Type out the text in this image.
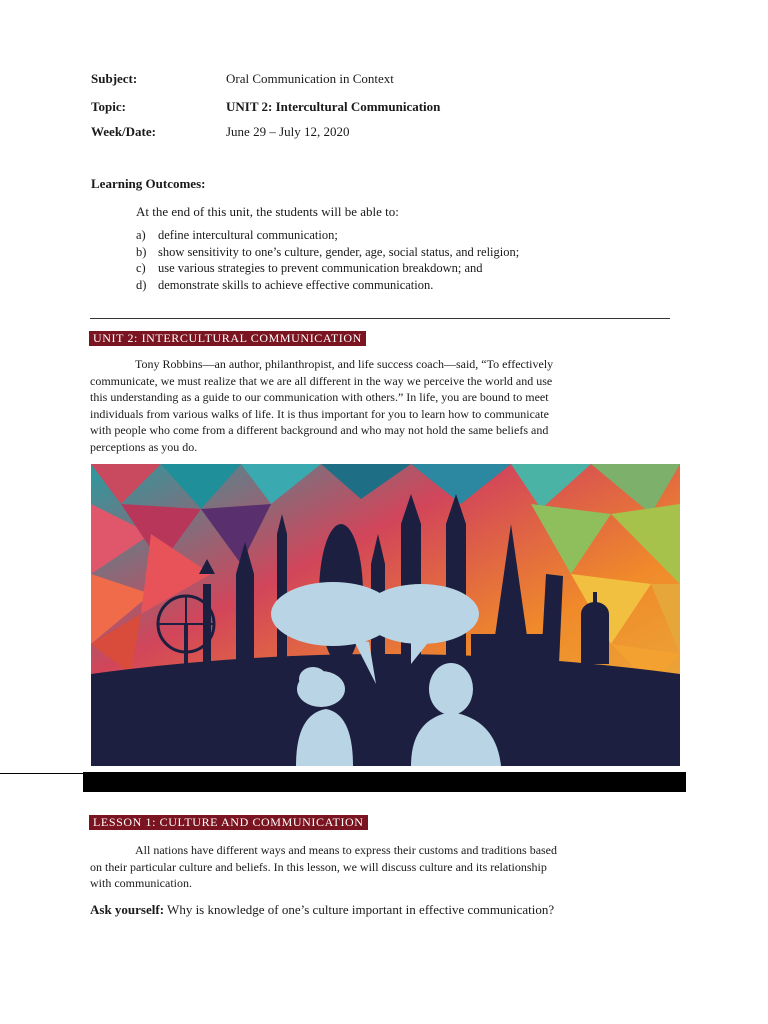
Subject:	Oral Communication in Context
Topic:	UNIT 2: Intercultural Communication
Week/Date:	June 29 – July 12, 2020
Learning Outcomes:
At the end of this unit, the students will be able to:
a) define intercultural communication;
b) show sensitivity to one’s culture, gender, age, social status, and religion;
c) use various strategies to prevent communication breakdown; and
d) demonstrate skills to achieve effective communication.
UNIT 2: INTERCULTURAL COMMUNICATION
Tony Robbins—an author, philanthropist, and life success coach—said, “To effectively
communicate, we must realize that we are all different in the way we perceive the world and use
this understanding as a guide to our communication with others.” In life, you are bound to meet
individuals from various walks of life. It is thus important for you to learn how to communicate
with people who come from a different background and who may not hold the same beliefs and
perceptions as you do.
LESSON 1: CULTURE AND COMMUNICATION
All nations have different ways and means to express their customs and traditions based
on their particular culture and beliefs. In this lesson, we will discuss culture and its relationship
with communication.
Ask yourself: Why is knowledge of one’s culture important in effective communication?
